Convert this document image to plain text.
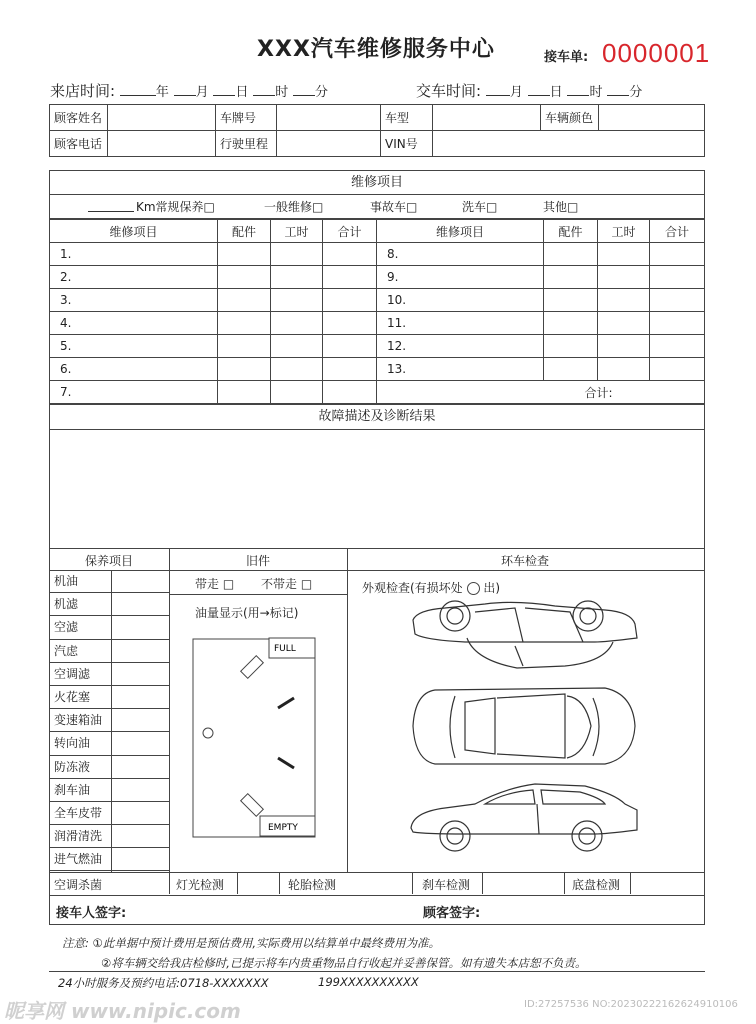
XXX汽车维修服务中心	接车单: 0000001
来店时间:	年 月 日 时 分	交车时间: 月 日 时 分
顾客姓名		车牌号		车型		车辆颜色	
顾客电话		行驶里程		VIN号			
维修项目
Km常规保养□	一般维修□	事故车□	洗车□	其他□
维修项目	配件	工时	合计	维修项目	配件	工时	合计
1.				8.			
2.				9.			
3.				10.			
4.				11.			
5.				12.			
6.				13.			
7.				合计:			
故障描述及诊断结果
保养项目	旧件	环车检查
机油
机滤
空滤
汽虑
空调滤
火花塞
变速箱油
转向油
防冻液
刹车油
全车皮带
润滑清洗
进气燃油
带走 □ 不带走 □
油量显示(用→标记)
FULL
EMPTY
外观检查(有损坏处 ○ 出)
空调杀菌	灯光检测	轮胎检测	刹车检测	底盘检测
接车人签字:	顾客签字:
注意: ①此单据中预计费用是预估费用,实际费用以结算单中最终费用为准。
②将车辆交给我店检修时,已提示将车内贵重物品自行收起并妥善保管。如有遗失本店恕不负责。
24小时服务及预约电话:0718-XXXXXXX	199XXXXXXXXXX
昵享网 www.nipic.com	ID:27257536 NO:20230222162624910106
